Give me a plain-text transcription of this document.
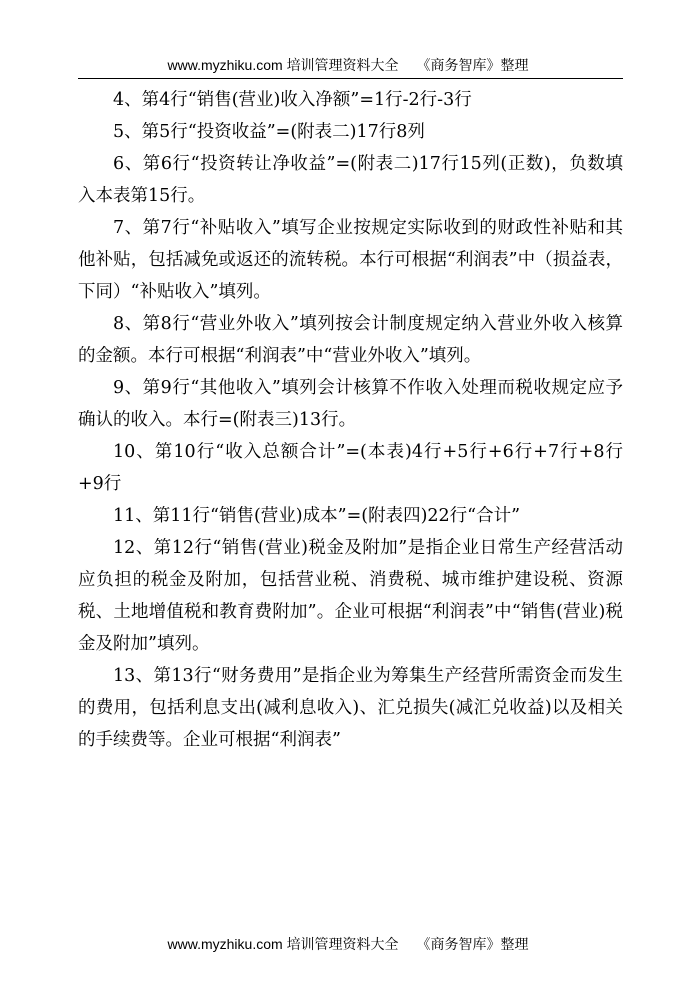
www.myzhiku.com 培训管理资料大全 《商务智库》整理

4、第4行“销售(营业)收入净额”=1行-2行-3行

5、第5行“投资收益”=(附表二)17行8列

6、第6行“投资转让净收益”=(附表二)17行15列(正数)，负数填入本表第15行。

7、第7行“补贴收入”填写企业按规定实际收到的财政性补贴和其他补贴，包括减免或返还的流转税。本行可根据“利润表”中（损益表，下同）“补贴收入”填列。

8、第8行“营业外收入”填列按会计制度规定纳入营业外收入核算的金额。本行可根据“利润表”中“营业外收入”填列。

9、第9行“其他收入”填列会计核算不作收入处理而税收规定应予确认的收入。本行=(附表三)13行。

10、第10行“收入总额合计”=(本表)4行+5行+6行+7行+8行+9行

11、第11行“销售(营业)成本”=(附表四)22行“合计”

12、第12行“销售(营业)税金及附加”是指企业日常生产经营活动应负担的税金及附加，包括营业税、消费税、城市维护建设税、资源税、土地增值税和教育费附加”。企业可根据“利润表”中“销售(营业)税金及附加”填列。

13、第13行“财务费用”是指企业为筹集生产经营所需资金而发生的费用，包括利息支出(减利息收入)、汇兑损失(减汇兑收益)以及相关的手续费等。企业可根据“利润表”

www.myzhiku.com 培训管理资料大全 《商务智库》整理
